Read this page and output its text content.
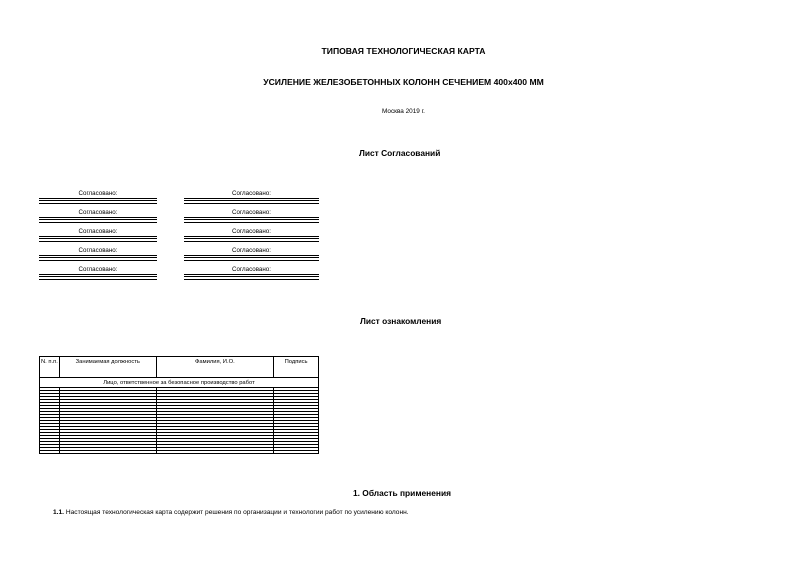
ТИПОВАЯ ТЕХНОЛОГИЧЕСКАЯ КАРТА
УСИЛЕНИЕ ЖЕЛЕЗОБЕТОННЫХ КОЛОНН СЕЧЕНИЕМ 400х400 ММ
Москва 2019 г.
Лист Согласований
Согласовано:
Согласовано:
Согласовано:
Согласовано:
Согласовано:
Согласовано:
Согласовано:
Согласовано:
Согласовано:
Согласовано:
Лист ознакомления
N. п.п.	Занимаемая должность	Фамилия, И.О.	Подпись
Лицо, ответственное за безопасное производство работ			

1. Область применения
1.1. Настоящая технологическая карта содержит решения по организации и технологии работ по усилению колонн.
